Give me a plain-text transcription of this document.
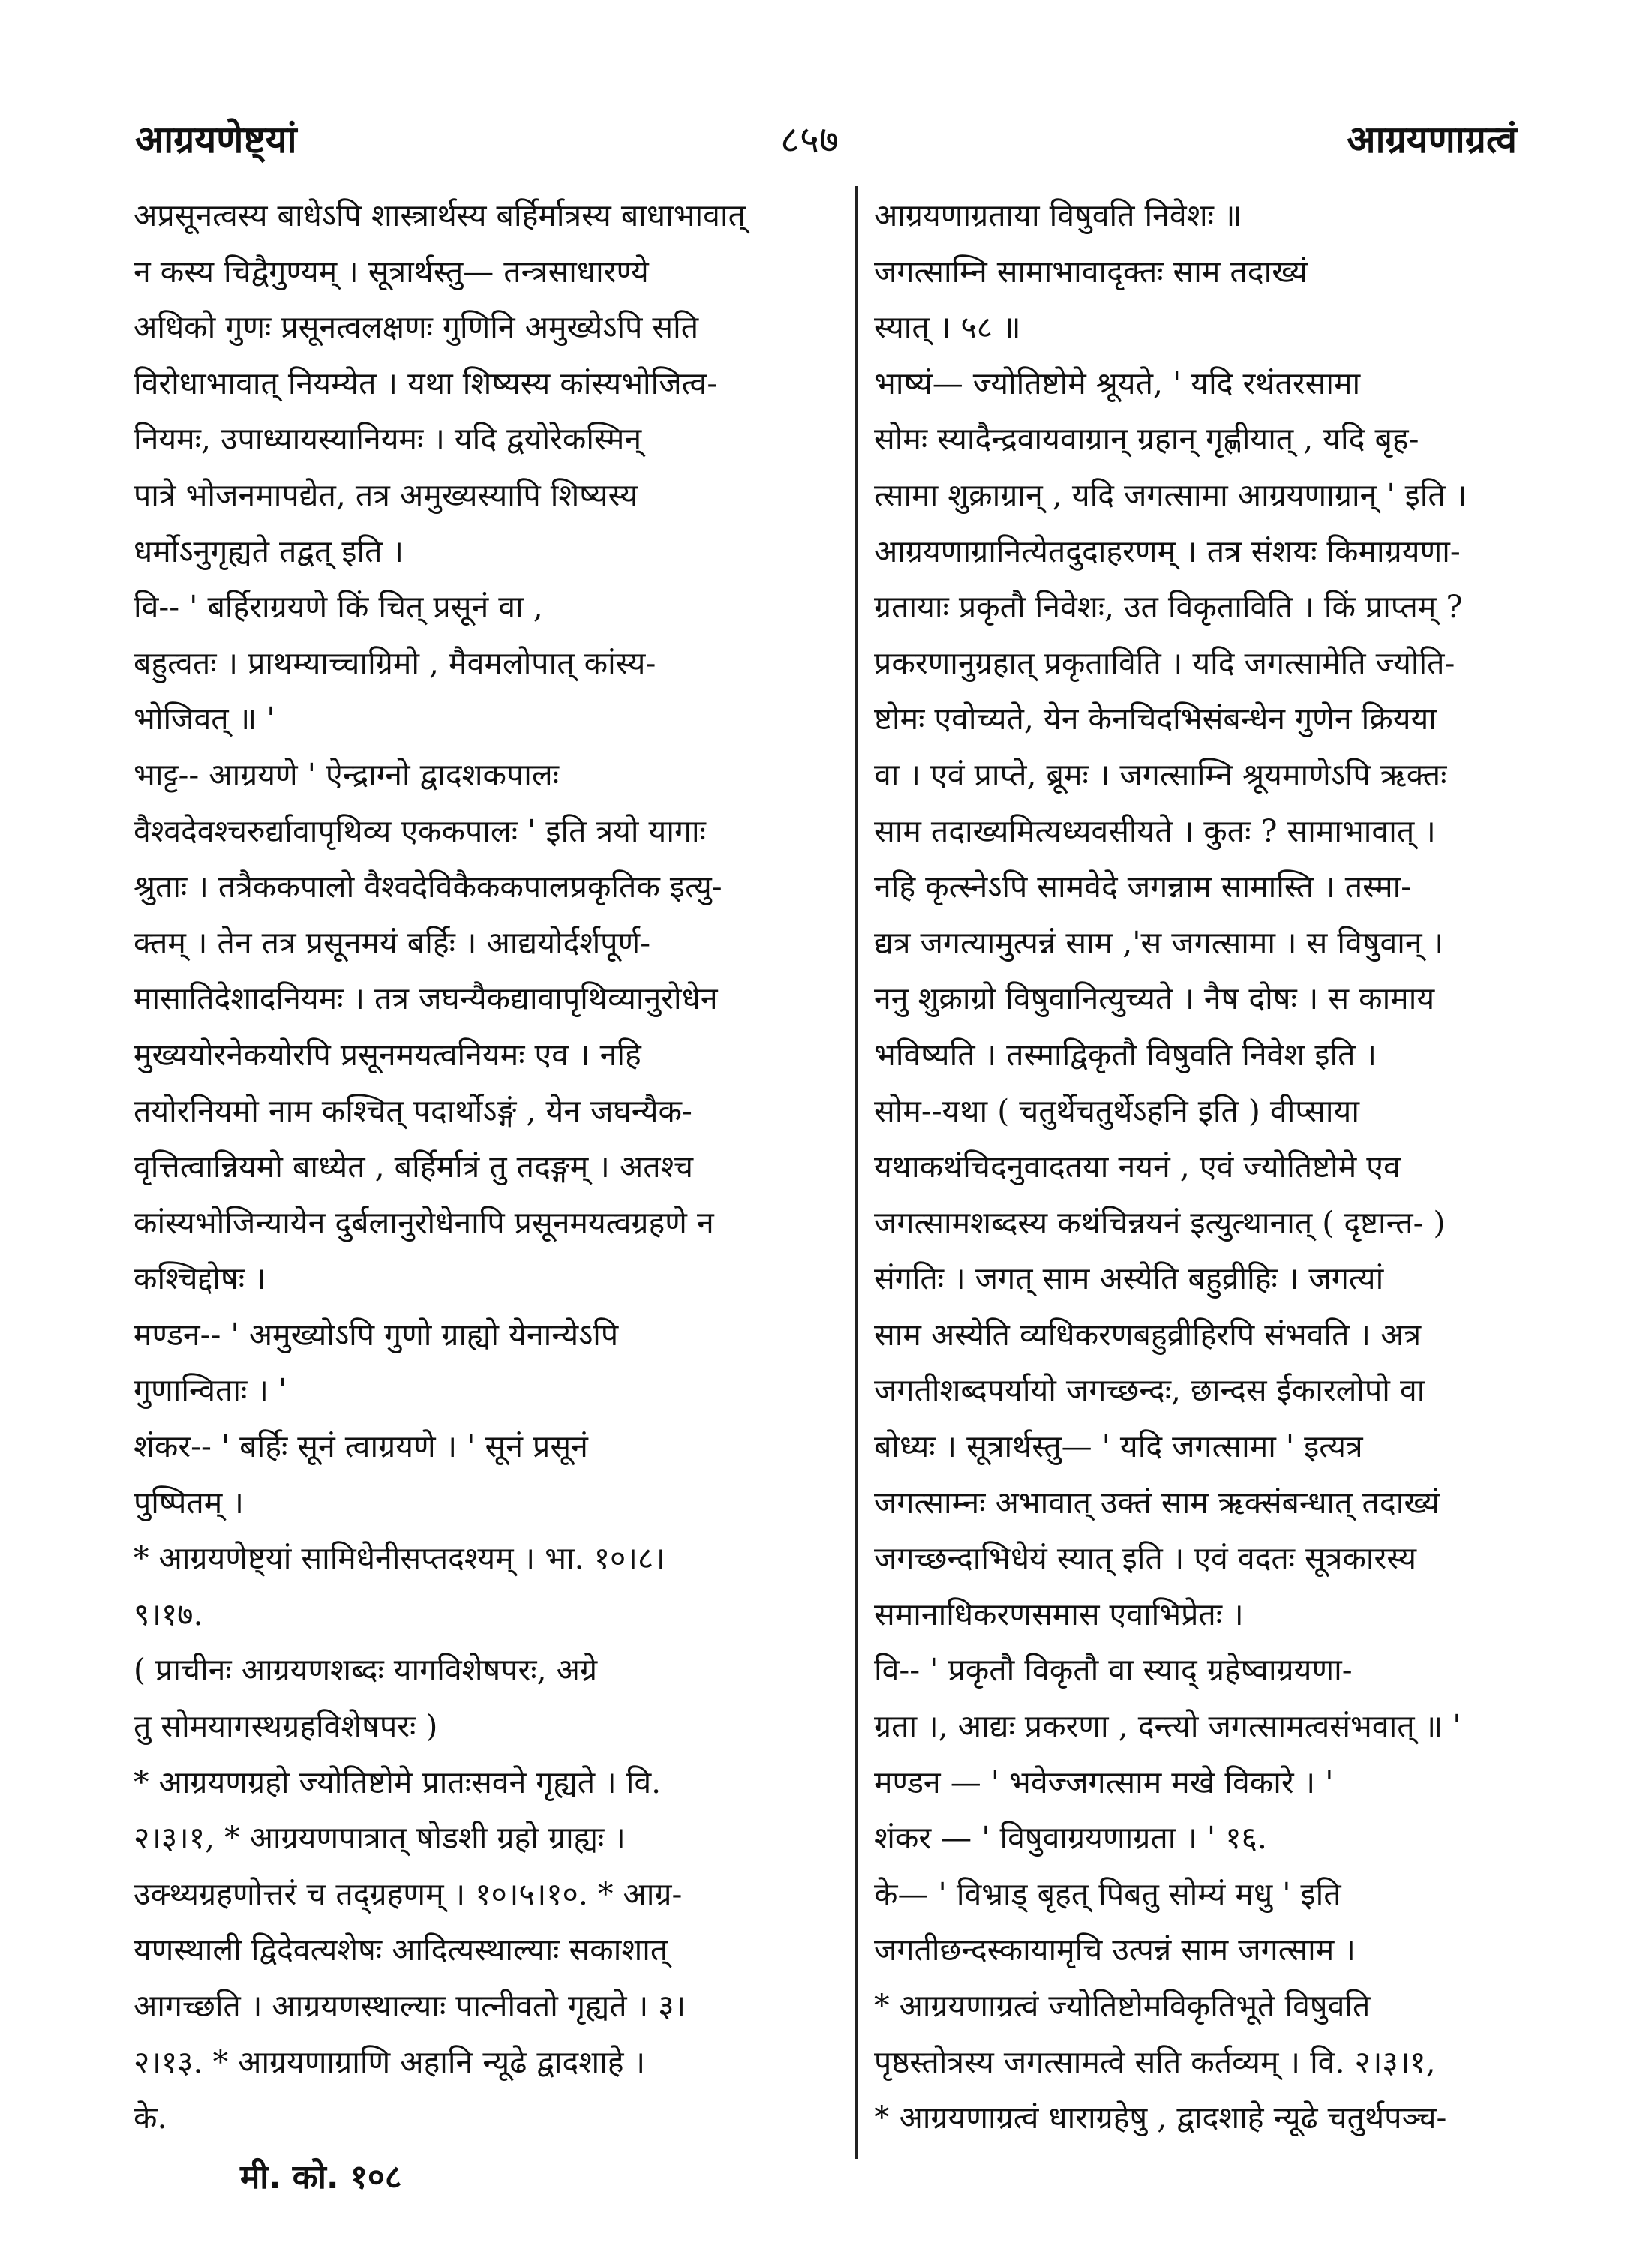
आग्रयणेष्ट्यां	८५७	आग्रयणाग्रत्वं

अप्रसूनत्वस्य बाधेऽपि शास्त्रार्थस्य बर्हिर्मात्रस्य बाधाभावात्

न कस्य चिद्वैगुण्यम् । सूत्रार्थस्तु— तन्त्रसाधारण्ये

अधिको गुणः प्रसूनत्वलक्षणः गुणिनि अमुख्येऽपि सति

विरोधाभावात् नियम्येत । यथा शिष्यस्य कांस्यभोजित्व-

नियमः, उपाध्यायस्यानियमः । यदि द्वयोरेकस्मिन्

पात्रे भोजनमापद्येत, तत्र अमुख्यस्यापि शिष्यस्य

धर्मोऽनुगृह्यते तद्वत् इति ।

वि-- ' बर्हिराग्रयणे किं चित् प्रसूनं वा ,

बहुत्वतः । प्राथम्याच्चाग्रिमो , मैवमलोपात् कांस्य-

भोजिवत् ॥ '

भाट्ट-- आग्रयणे ' ऐन्द्राग्नो द्वादशकपालः

वैश्वदेवश्चरुर्द्यावापृथिव्य एककपालः ' इति त्रयो यागाः

श्रुताः । तत्रैककपालो वैश्वदेविकैककपालप्रकृतिक इत्यु-

क्तम् । तेन तत्र प्रसूनमयं बर्हिः । आद्ययोर्दर्शपूर्ण-

मासातिदेशादनियमः । तत्र जघन्यैकद्यावापृथिव्यानुरोधेन

मुख्ययोरनेकयोरपि प्रसूनमयत्वनियमः एव । नहि

तयोरनियमो नाम कश्चित् पदार्थोऽङ्गं , येन जघन्यैक-

वृत्तित्वान्नियमो बाध्येत , बर्हिर्मात्रं तु तदङ्गम् । अतश्च

कांस्यभोजिन्यायेन दुर्बलानुरोधेनापि प्रसूनमयत्वग्रहणे न

कश्चिद्दोषः ।

मण्डन-- ' अमुख्योऽपि गुणो ग्राह्यो येनान्येऽपि

गुणान्विताः । '

शंकर-- ' बर्हिः सूनं त्वाग्रयणे । ' सूनं प्रसूनं

पुष्पितम् ।

* आग्रयणेष्ट्यां सामिधेनीसप्तदश्यम् । भा. १०।८।

९।१७.

( प्राचीनः आग्रयणशब्दः यागविशेषपरः, अग्रे

तु सोमयागस्थग्रहविशेषपरः )

* आग्रयणग्रहो ज्योतिष्टोमे प्रातःसवने गृह्यते । वि.

२।३।१, * आग्रयणपात्रात् षोडशी ग्रहो ग्राह्यः ।

उक्थ्यग्रहणोत्तरं च तद्ग्रहणम् । १०।५।१०. * आग्र-

यणस्थाली द्विदेवत्यशेषः आदित्यस्थाल्याः सकाशात्

आगच्छति । आग्रयणस्थाल्याः पात्नीवतो गृह्यते । ३।

२।१३. * आग्रयणाग्राणि अहानि न्यूढे द्वादशाहे ।

के.

आग्रयणाग्रताया विषुवति निवेशः ॥

जगत्साम्नि सामाभावादृक्तः साम तदाख्यं

स्यात् । ५८ ॥

भाष्यं— ज्योतिष्टोमे श्रूयते, ' यदि रथंतरसामा

सोमः स्यादैन्द्रवायवाग्रान् ग्रहान् गृह्णीयात् , यदि बृह-

त्सामा शुक्राग्रान् , यदि जगत्सामा आग्रयणाग्रान् ' इति ।

आग्रयणाग्रानित्येतदुदाहरणम् । तत्र संशयः किमाग्रयणा-

ग्रतायाः प्रकृतौ निवेशः, उत विकृताविति । किं प्राप्तम् ?

प्रकरणानुग्रहात् प्रकृताविति । यदि जगत्सामेति ज्योति-

ष्टोमः एवोच्यते, येन केनचिदभिसंबन्धेन गुणेन क्रियया

वा । एवं प्राप्ते, ब्रूमः । जगत्साम्नि श्रूयमाणेऽपि ऋक्तः

साम तदाख्यमित्यध्यवसीयते । कुतः ? सामाभावात् ।

नहि कृत्स्नेऽपि सामवेदे जगन्नाम सामास्ति । तस्मा-

द्यत्र जगत्यामुत्पन्नं साम ,'स जगत्सामा । स विषुवान् ।

ननु शुक्राग्रो विषुवानित्युच्यते । नैष दोषः । स कामाय

भविष्यति । तस्माद्विकृतौ विषुवति निवेश इति ।

सोम--यथा ( चतुर्थेचतुर्थेऽहनि इति ) वीप्साया

यथाकथंचिदनुवादतया नयनं , एवं ज्योतिष्टोमे एव

जगत्सामशब्दस्य कथंचिन्नयनं इत्युत्थानात् ( दृष्टान्त- )

संगतिः । जगत् साम अस्येति बहुव्रीहिः । जगत्यां

साम अस्येति व्यधिकरणबहुव्रीहिरपि संभवति । अत्र

जगतीशब्दपर्यायो जगच्छन्दः, छान्दस ईकारलोपो वा

बोध्यः । सूत्रार्थस्तु— ' यदि जगत्सामा ' इत्यत्र

जगत्साम्नः अभावात् उक्तं साम ऋक्संबन्धात् तदाख्यं

जगच्छन्दाभिधेयं स्यात् इति । एवं वदतः सूत्रकारस्य

समानाधिकरणसमास एवाभिप्रेतः ।

वि-- ' प्रकृतौ विकृतौ वा स्याद् ग्रहेष्वाग्रयणा-

ग्रता ।, आद्यः प्रकरणा , दन्त्यो जगत्सामत्वसंभवात् ॥ '

मण्डन — ' भवेज्जगत्साम मखे विकारे । '

शंकर — ' विषुवाग्रयणाग्रता । ' १६.

के— ' विभ्राड् बृहत् पिबतु सोम्यं मधु ' इति

जगतीछन्दस्कायामृचि उत्पन्नं साम जगत्साम ।

* आग्रयणाग्रत्वं ज्योतिष्टोमविकृतिभूते विषुवति

पृष्ठस्तोत्रस्य जगत्सामत्वे सति कर्तव्यम् । वि. २।३।१,

* आग्रयणाग्रत्वं धाराग्रहेषु , द्वादशाहे न्यूढे चतुर्थपञ्च-

मी. को. १०८
